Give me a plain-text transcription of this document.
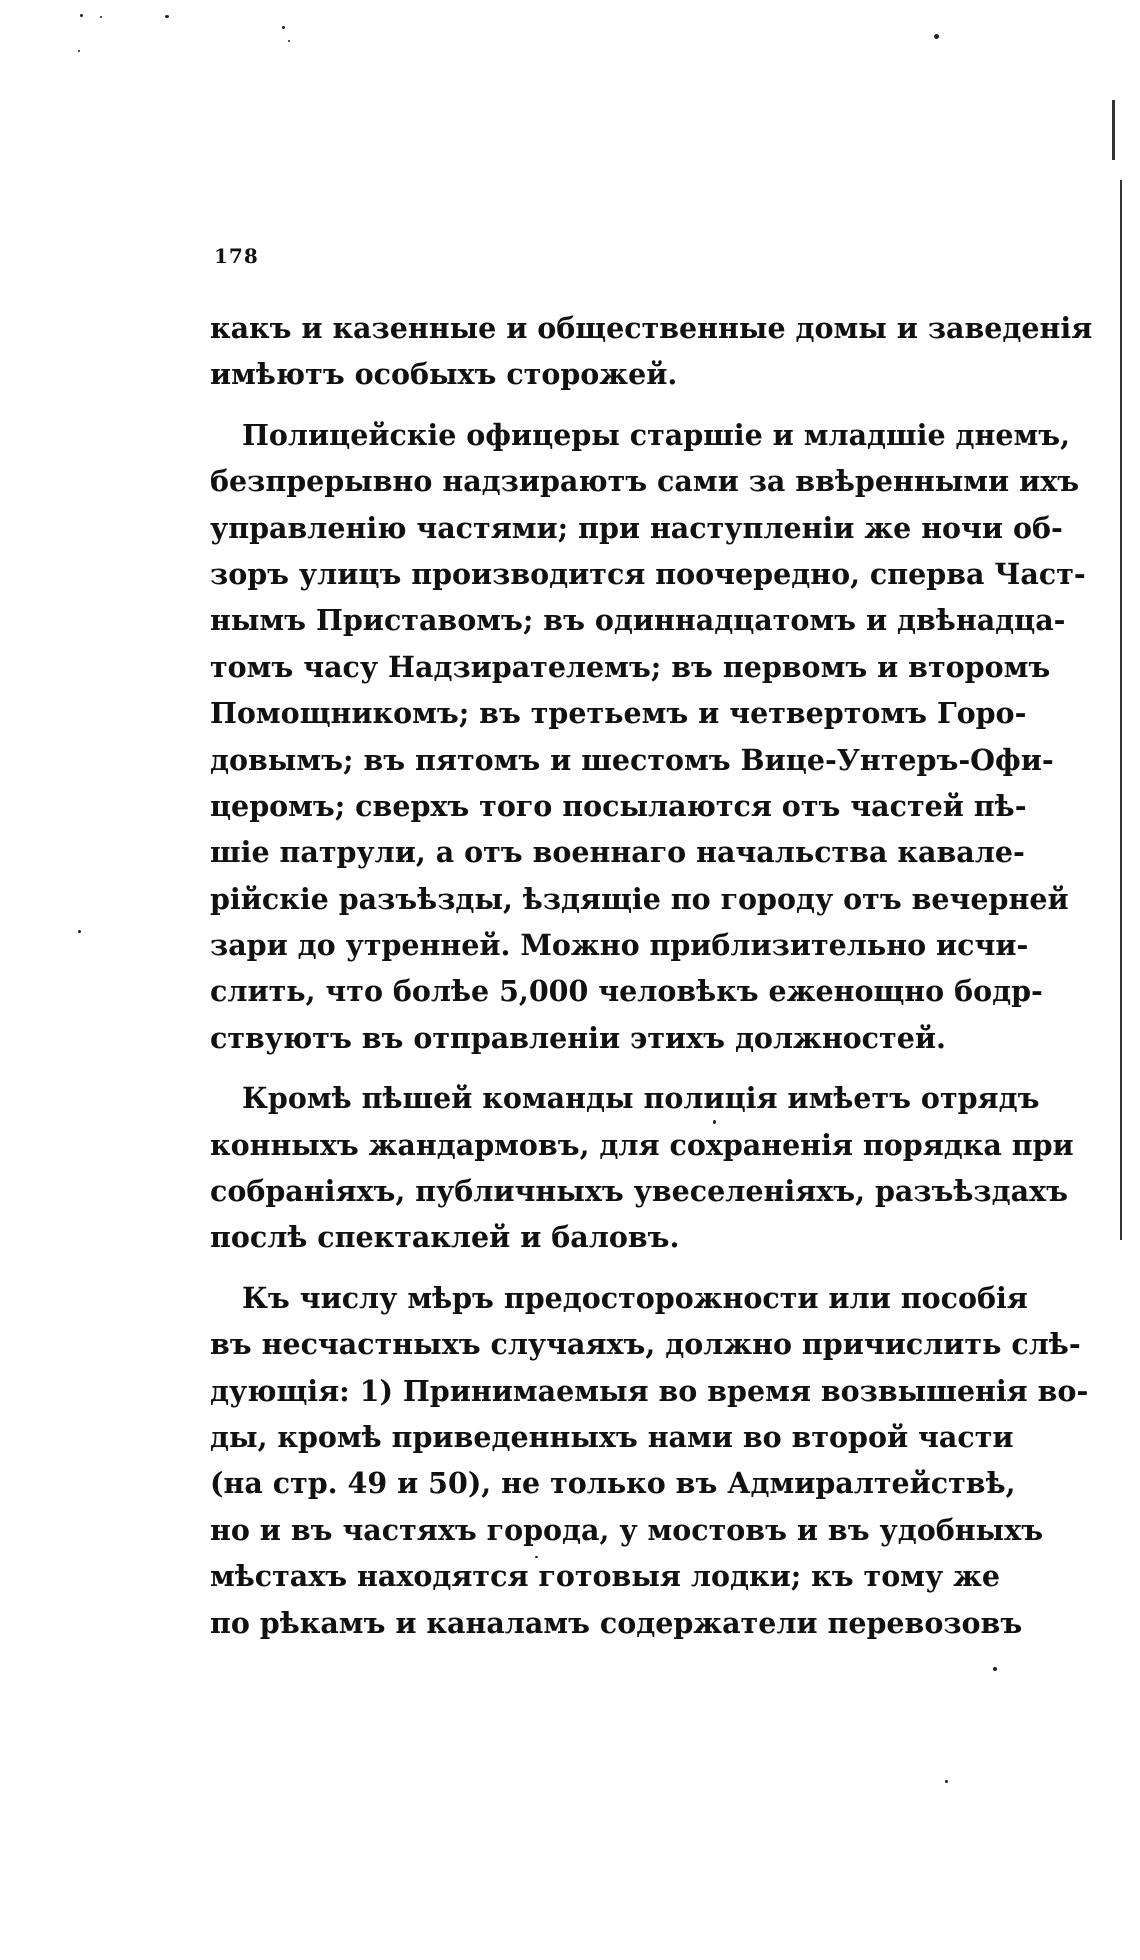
178
какъ и казенные и общественные домы и заведенія
имѣютъ особыхъ сторожей.
Полицейскіе офицеры старшіе и младшіе днемъ,
безпрерывно надзираютъ сами за ввѣренными ихъ
управленію частями; при наступленіи же ночи об-
зоръ улицъ производится поочередно, сперва Част-
нымъ Приставомъ; въ одиннадцатомъ и двѣнадца-
томъ часу Надзирателемъ; въ первомъ и второмъ
Помощникомъ; въ третьемъ и четвертомъ Горо-
довымъ; въ пятомъ и шестомъ Вице-Унтеръ-Офи-
церомъ; сверхъ того посылаются отъ частей пѣ-
шіе патрули, а отъ военнаго начальства кавале-
рійскіе разъѣзды, ѣздящіе по городу отъ вечерней
зари до утренней. Можно приблизительно исчи-
слить, что болѣе 5,000 человѣкъ еженощно бодр-
ствуютъ въ отправленіи этихъ должностей.
Кромѣ пѣшей команды полиція имѣетъ отрядъ
конныхъ жандармовъ, для сохраненія порядка при
собраніяхъ, публичныхъ увеселеніяхъ, разъѣздахъ
послѣ спектаклей и баловъ.
Къ числу мѣръ предосторожности или пособія
въ несчастныхъ случаяхъ, должно причислить слѣ-
дующія: 1) Принимаемыя во время возвышенія во-
ды, кромѣ приведенныхъ нами во второй части
(на стр. 49 и 50), не только въ Адмиралтействѣ,
но и въ частяхъ города, у мостовъ и въ удобныхъ
мѣстахъ находятся готовыя лодки; къ тому же
по рѣкамъ и каналамъ содержатели перевозовъ
